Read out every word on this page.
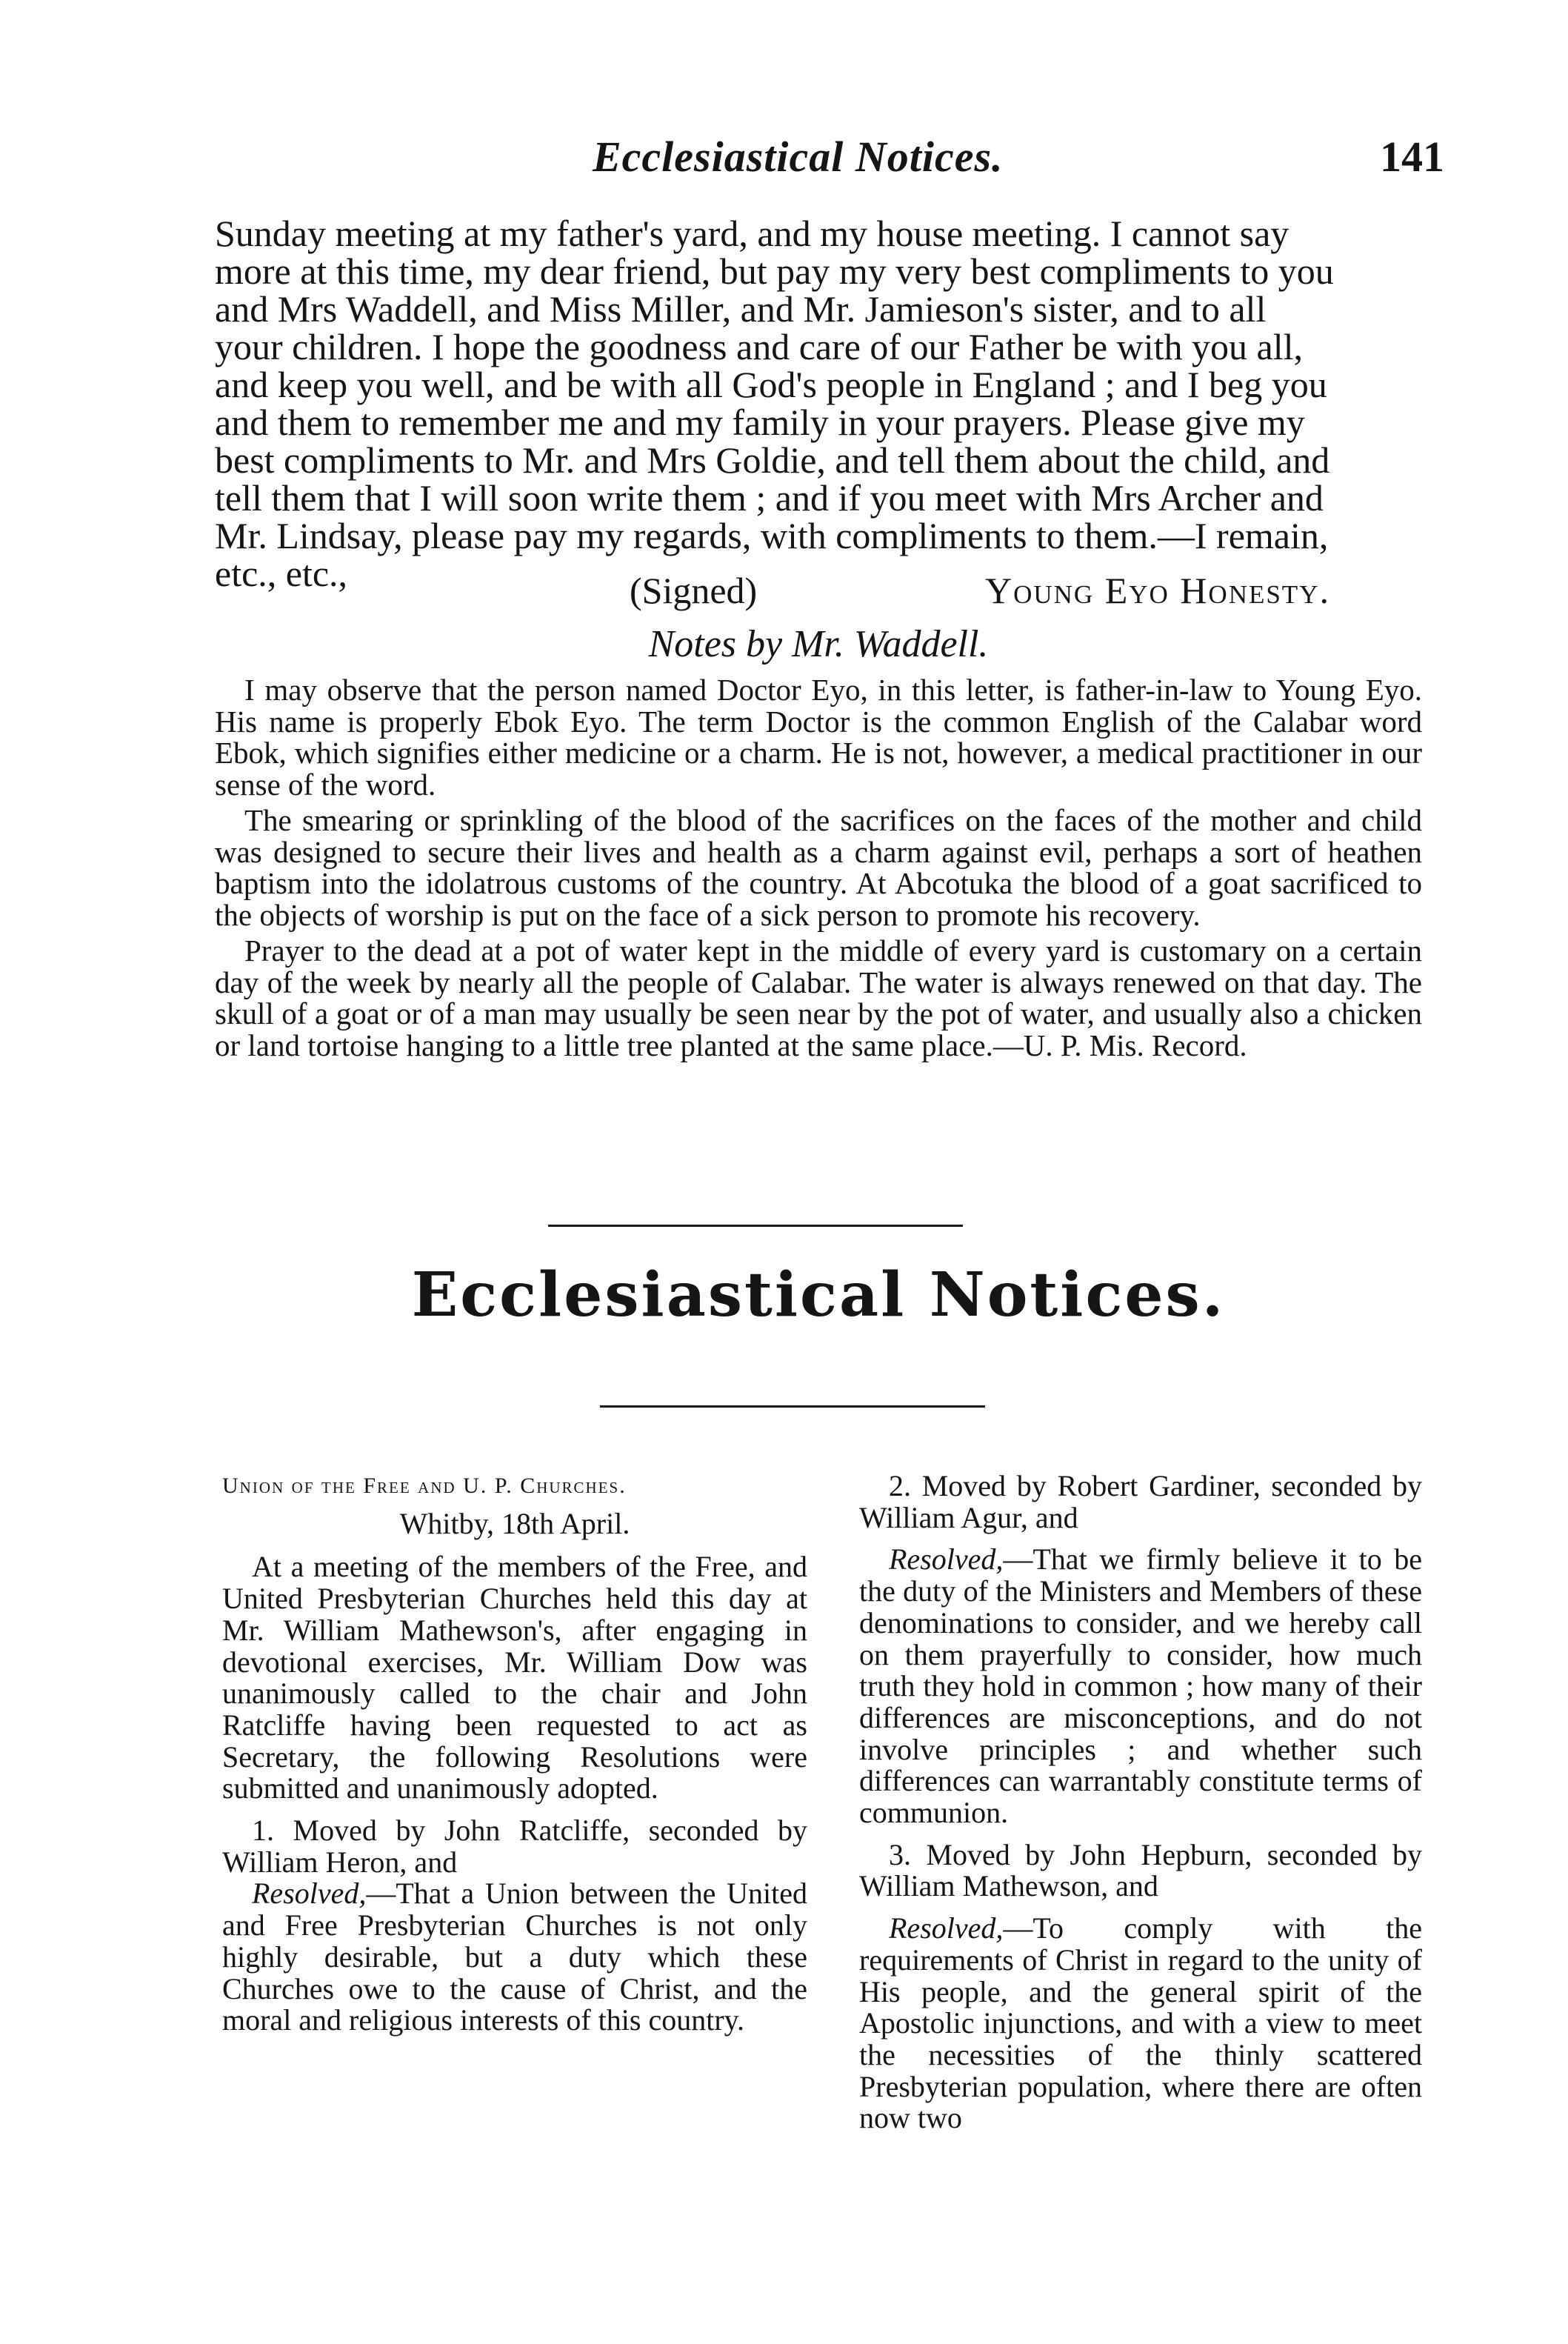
Ecclesiastical Notices.	141

Sunday meeting at my father's yard, and my house meeting. I cannot say

more at this time, my dear friend, but pay my very best compliments to you

and Mrs Waddell, and Miss Miller, and Mr. Jamieson's sister, and to all

your children. I hope the goodness and care of our Father be with you all,

and keep you well, and be with all God's people in England ; and I beg you

and them to remember me and my family in your prayers. Please give my

best compliments to Mr. and Mrs Goldie, and tell them about the child, and

tell them that I will soon write them ; and if you meet with Mrs Archer and

Mr. Lindsay, please pay my regards, with compliments to them.—I remain,

etc., etc.,	(Signed)	Young Eyo Honesty.
Notes by Mr. Waddell.

I may observe that the person named Doctor Eyo, in this letter, is father-in-law to Young Eyo. His name is properly Ebok Eyo. The term Doctor is the common English of the Calabar word Ebok, which signifies either medicine or a charm. He is not, however, a medical practitioner in our sense of the word.

The smearing or sprinkling of the blood of the sacrifices on the faces of the mother and child was designed to secure their lives and health as a charm against evil, perhaps a sort of heathen baptism into the idolatrous customs of the country. At Abcotuka the blood of a goat sacrificed to the objects of worship is put on the face of a sick person to promote his recovery.

Prayer to the dead at a pot of water kept in the middle of every yard is customary on a certain day of the week by nearly all the people of Calabar. The water is always renewed on that day. The skull of a goat or of a man may usually be seen near by the pot of water, and usually also a chicken or land tortoise hanging to a little tree planted at the same place.—U. P. Mis. Record.

Ecclesiastical Notices.

Union of the Free and U. P. Churches.

Whitby, 18th April.

At a meeting of the members of the Free, and United Presbyterian Churches held this day at Mr. William Mathewson's, after engaging in devotional exercises, Mr. William Dow was unanimously called to the chair and John Ratcliffe having been requested to act as Secretary, the following Resolutions were submitted and unanimously adopted.

1. Moved by John Ratcliffe, seconded by William Heron, and

Resolved,—That a Union between the United and Free Presbyterian Churches is not only highly desirable, but a duty which these Churches owe to the cause of Christ, and the moral and religious interests of this country.

2. Moved by Robert Gardiner, seconded by William Agur, and

Resolved,—That we firmly believe it to be the duty of the Ministers and Members of these denominations to consider, and we hereby call on them prayerfully to consider, how much truth they hold in common ; how many of their differences are misconceptions, and do not involve principles ; and whether such differences can warrantably constitute terms of communion.

3. Moved by John Hepburn, seconded by William Mathewson, and

Resolved,—To comply with the requirements of Christ in regard to the unity of His people, and the general spirit of the Apostolic injunctions, and with a view to meet the necessities of the thinly scattered Presbyterian population, where there are often now two
